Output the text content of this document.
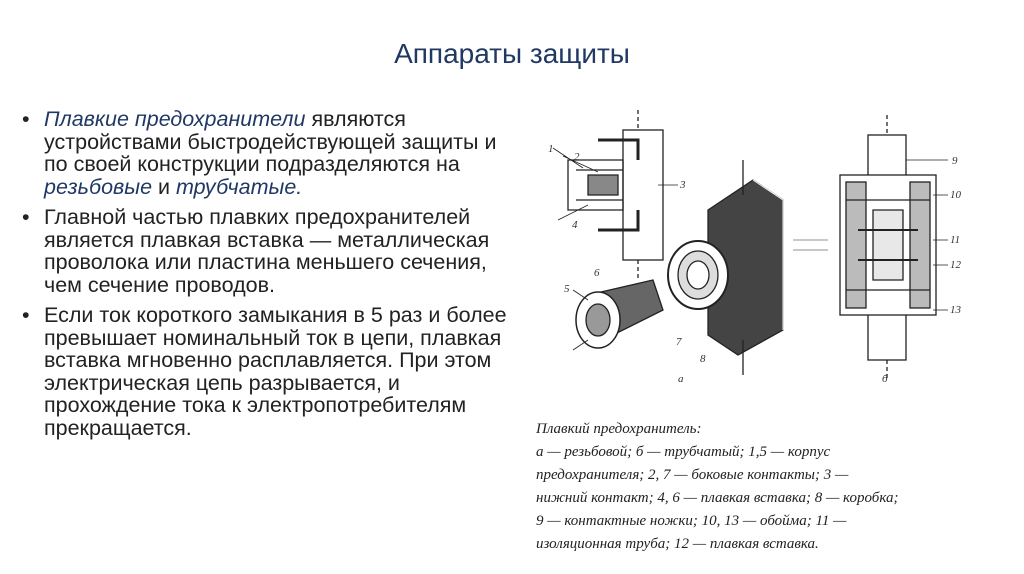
Аппараты защиты
• Плавкие предохранители являются устройствами быстродействующей защиты и по своей конструкции подразделяются на резьбовые и трубчатые.
• Главной частью плавких предохранителей является плавкая вставка — металлическая проволока или пластина меньшего сечения, чем сечение проводов.
• Если ток короткого замыкания в 5 раз и более превышает номинальный ток в цепи, плавкая вставка мгновенно расплавляется. При этом электрическая цепь разрывается, и прохождение тока к электропотребителям прекращается.
1
2
3
4
5
6
7
8
9
10
11
12
13
а	б
Плавкий предохранитель:
а — резьбовой; б — трубчатый; 1,5 — корпус
предохранителя; 2, 7 — боковые контакты; 3 —
нижний контакт; 4, 6 — плавкая вставка; 8 — коробка;
9 — контактные ножки; 10, 13 — обойма; 11 —
изоляционная труба; 12 — плавкая вставка.
